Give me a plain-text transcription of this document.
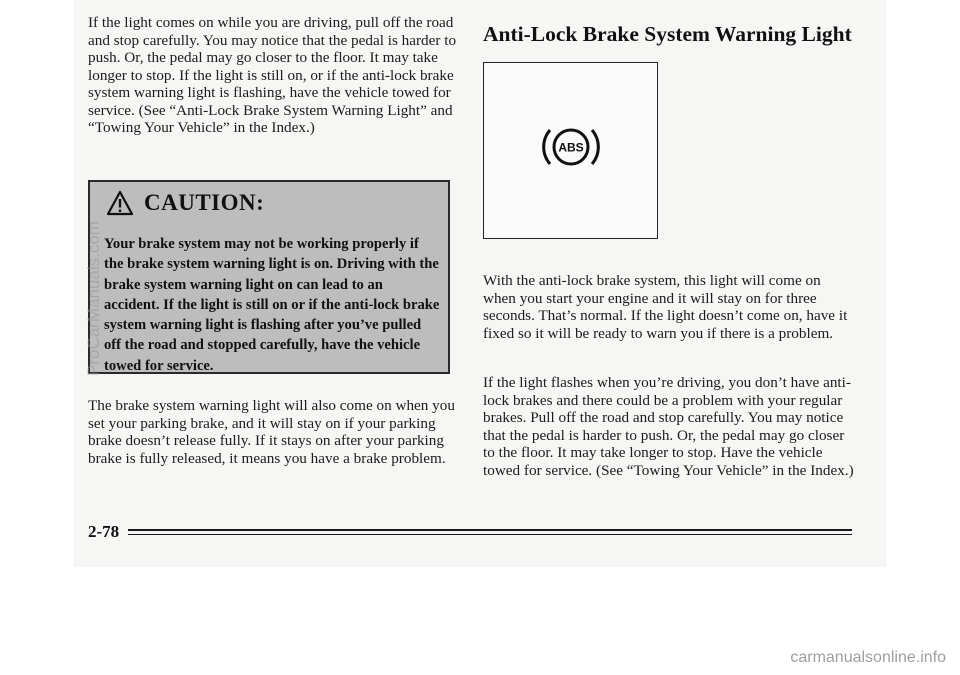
If the light comes on while you are driving, pull off the road and stop carefully. You may notice that the pedal is harder to push. Or, the pedal may go closer to the floor. It may take longer to stop. If the light is still on, or if the anti-lock brake system warning light is flashing, have the vehicle towed for service. (See “Anti-Lock Brake System Warning Light” and “Towing Your Vehicle” in the Index.)

CAUTION:

Your brake system may not be working properly if the brake system warning light is on. Driving with the brake system warning light on can lead to an accident. If the light is still on or if the anti-lock brake system warning light is flashing after you’ve pulled off the road and stopped carefully, have the vehicle towed for service.

The brake system warning light will also come on when you set your parking brake, and it will stay on if your parking brake doesn’t release fully. If it stays on after your parking brake is fully released, it means you have a brake problem.

Anti-Lock Brake System Warning Light
ABS

With the anti-lock brake system, this light will come on when you start your engine and it will stay on for three seconds. That’s normal. If the light doesn’t come on, have it fixed so it will be ready to warn you if there is a problem.

If the light flashes when you’re driving, you don’t have anti-lock brakes and there could be a problem with your regular brakes. Pull off the road and stop carefully. You may notice that the pedal is harder to push. Or, the pedal may go closer to the floor. It may take longer to stop. Have the vehicle towed for service. (See “Towing Your Vehicle” in the Index.)

2-78

ProCarManuals.com

carmanualsonline.info
